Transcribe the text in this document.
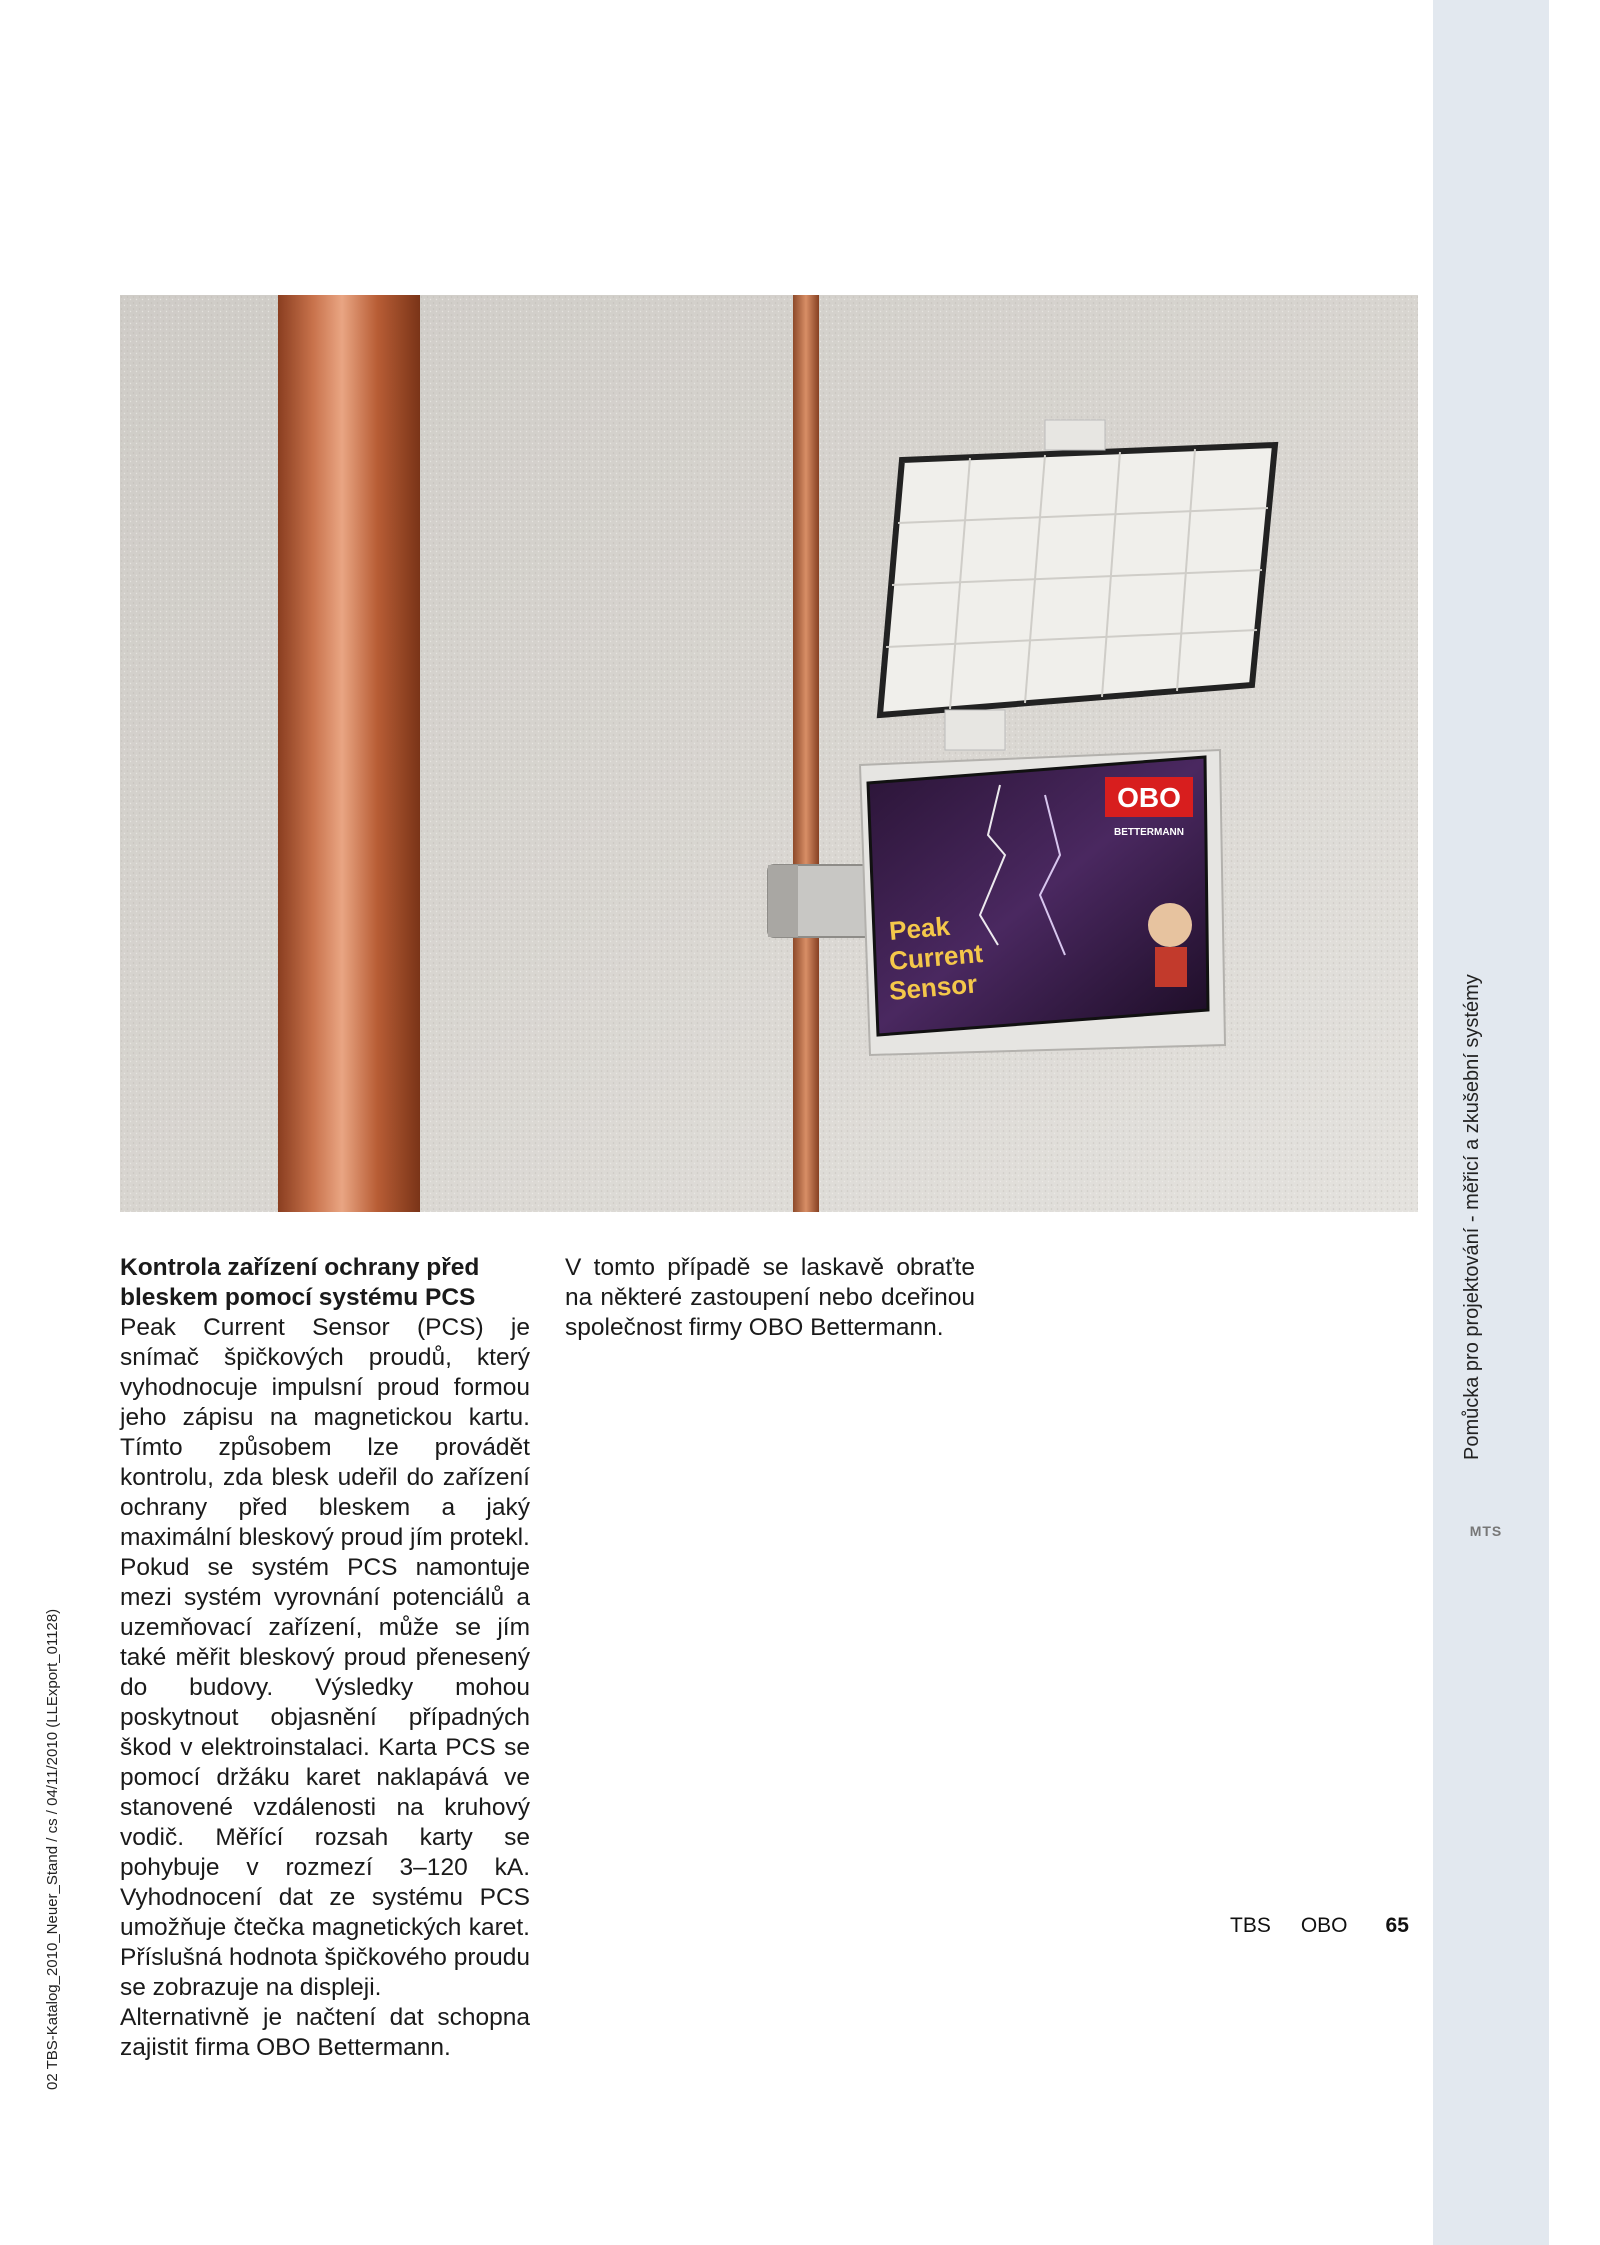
Pomůcka pro projektování - měřicí a zkušební systémy
MTS
02 TBS-Katalog_2010_Neuer_Stand / cs / 04/11/2010 (LLExport_01128)
OBO
BETTERMANN
Peak
Current
Sensor
Kontrola zařízení ochrany před bleskem pomocí systému PCS

Peak Current Sensor (PCS) je snímač špičkových proudů, který vyhodnocuje impulsní proud formou jeho zápisu na magnetickou kartu. Tímto způsobem lze provádět kontrolu, zda blesk udeřil do zařízení ochrany před bleskem a jaký maximální bleskový proud jím protekl.

Pokud se systém PCS namontuje mezi systém vyrovnání potenciálů a uzemňovací zařízení, může se jím také měřit bleskový proud přenesený do budovy. Výsledky mohou poskytnout objasnění případných škod v elektroinstalaci. Karta PCS se pomocí držáku karet naklapává ve stanovené vzdálenosti na kruhový vodič. Měřící rozsah karty se pohybuje v rozmezí 3–120 kA. Vyhodnocení dat ze systému PCS umožňuje čtečka magnetických karet. Příslušná hodnota špičkového proudu se zobrazuje na displeji.

Alternativně je načtení dat schopna zajistit firma OBO Bettermann.

V tomto případě se laskavě obraťte na některé zastoupení nebo dceřinou společnost firmy OBO Bettermann.

TBS OBO 65
